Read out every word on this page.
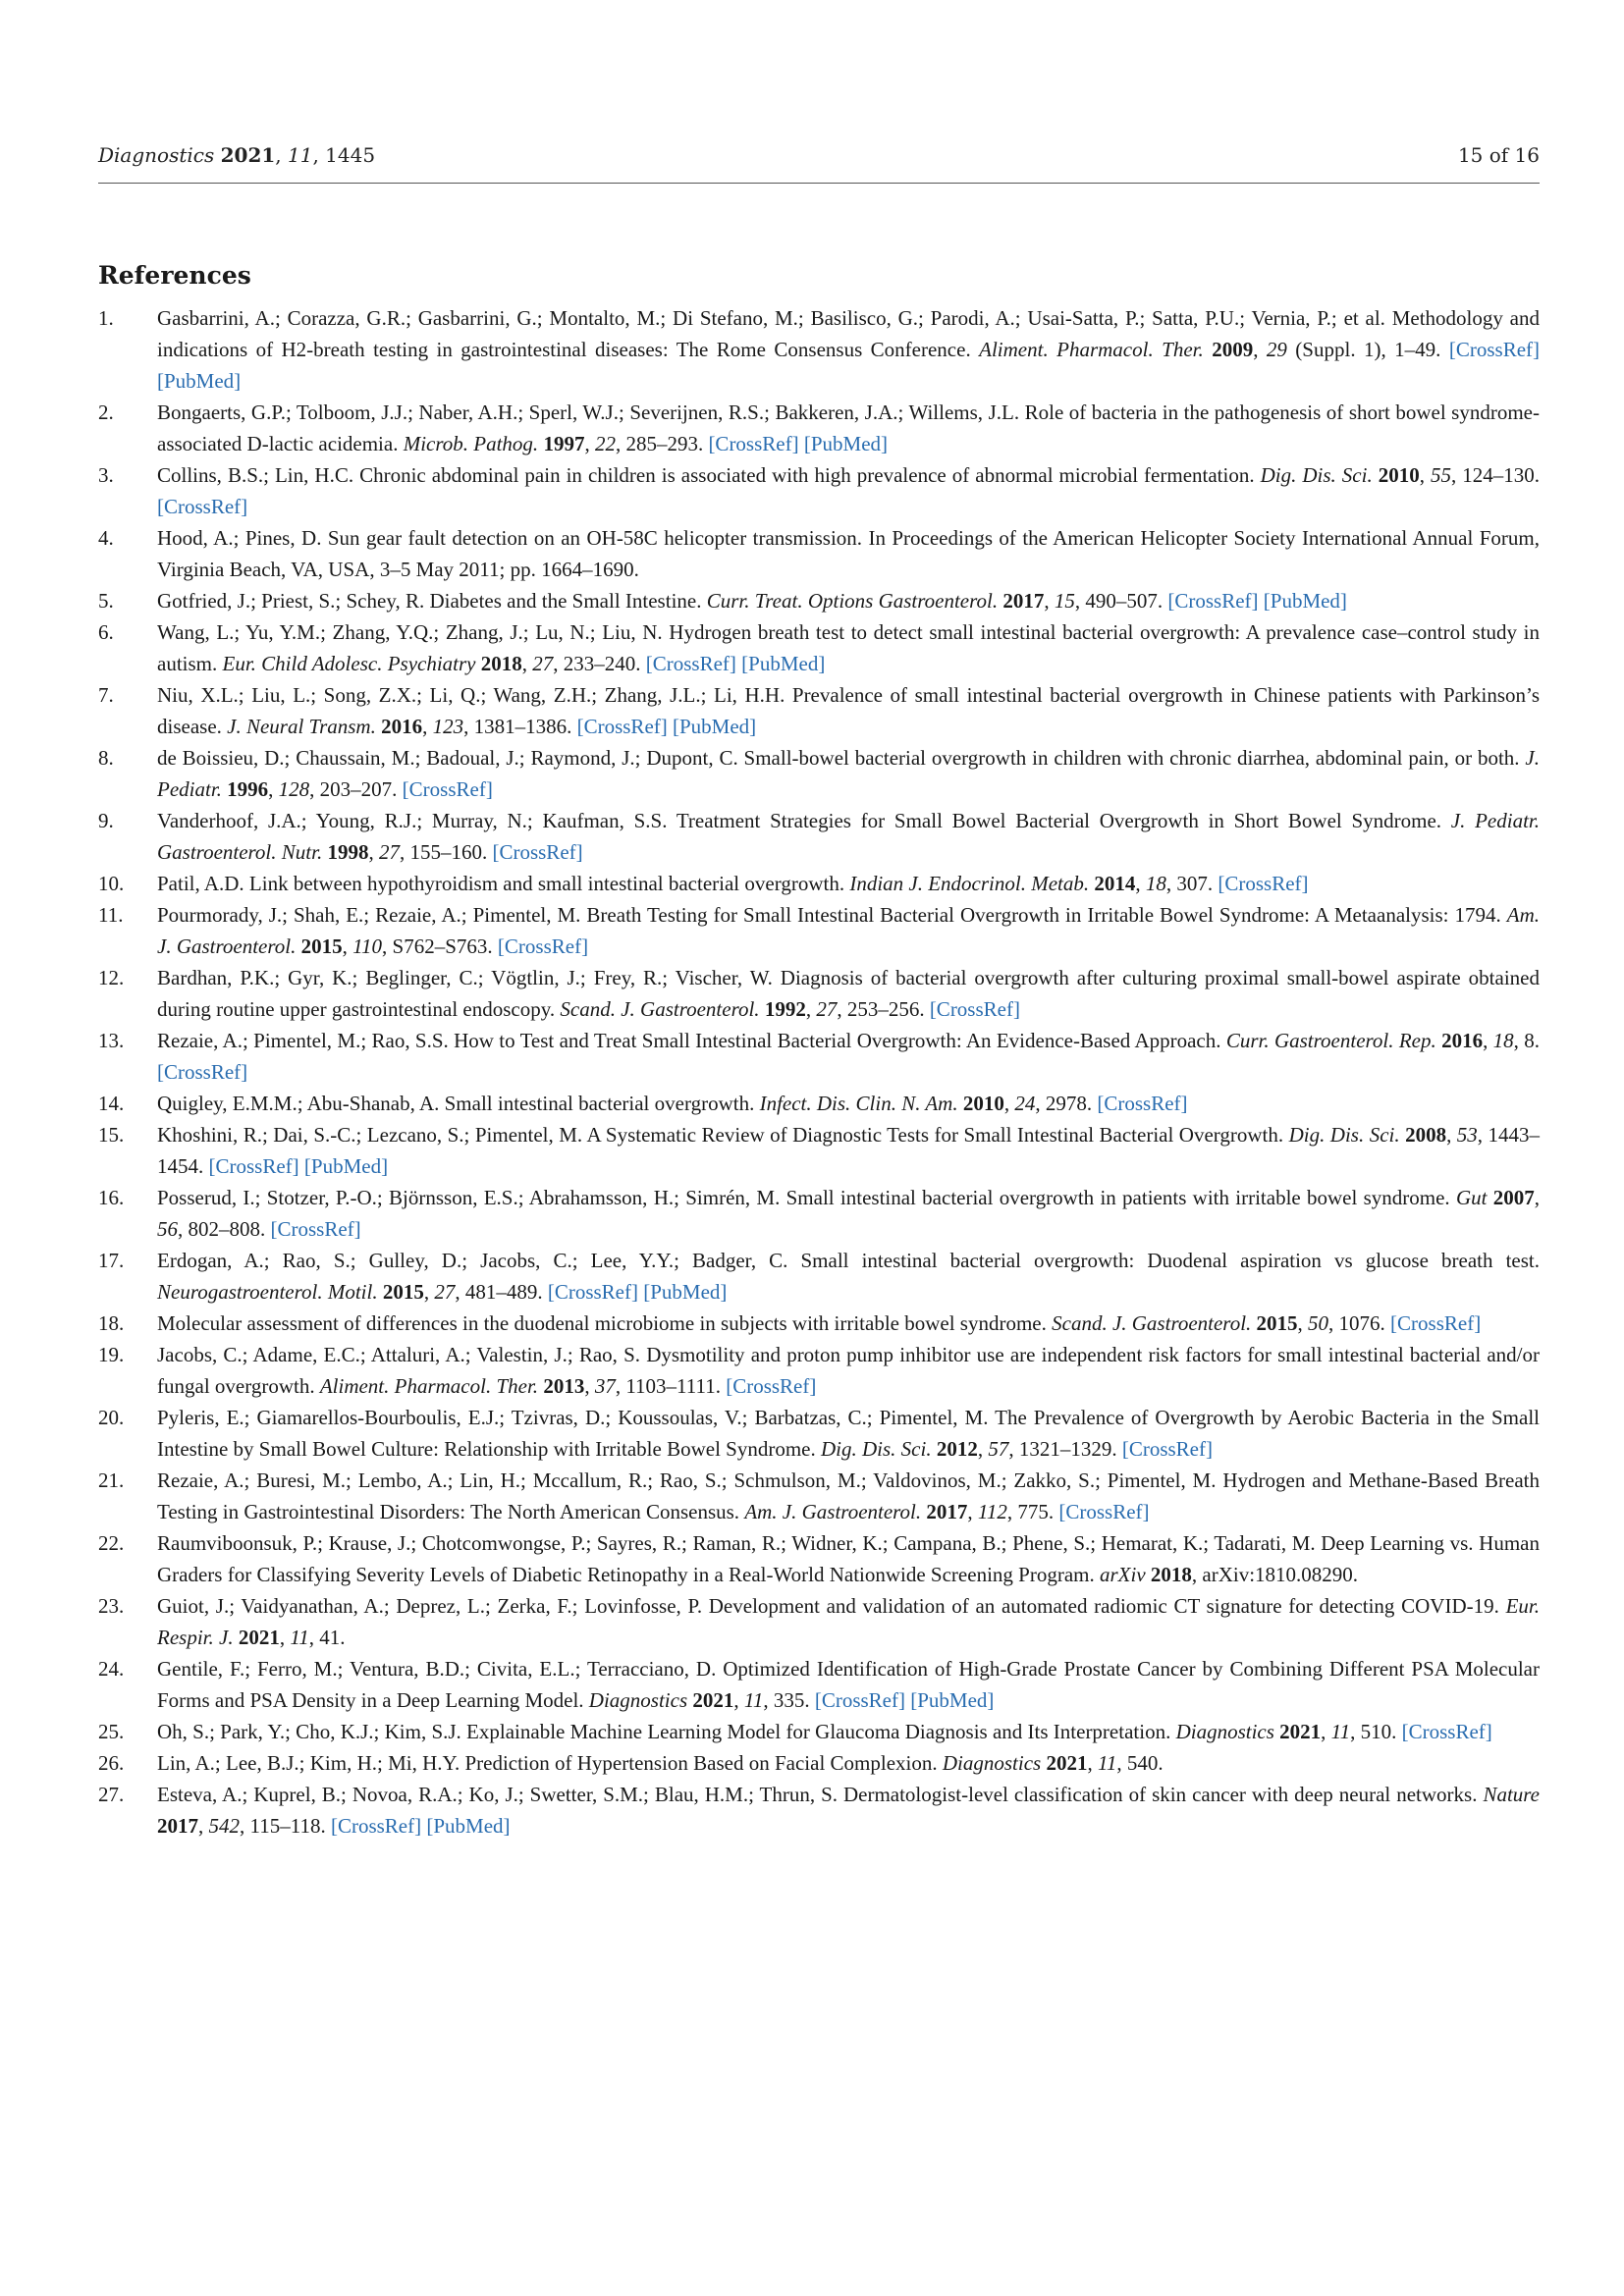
Diagnostics 2021, 11, 1445	15 of 16
References
1. Gasbarrini, A.; Corazza, G.R.; Gasbarrini, G.; Montalto, M.; Di Stefano, M.; Basilisco, G.; Parodi, A.; Usai-Satta, P.; Satta, P.U.; Vernia, P.; et al. Methodology and indications of H2-breath testing in gastrointestinal diseases: The Rome Consensus Conference. Aliment. Pharmacol. Ther. 2009, 29 (Suppl. 1), 1–49. [CrossRef] [PubMed]
2. Bongaerts, G.P.; Tolboom, J.J.; Naber, A.H.; Sperl, W.J.; Severijnen, R.S.; Bakkeren, J.A.; Willems, J.L. Role of bacteria in the pathogenesis of short bowel syndrome-associated D-lactic acidemia. Microb. Pathog. 1997, 22, 285–293. [CrossRef] [PubMed]
3. Collins, B.S.; Lin, H.C. Chronic abdominal pain in children is associated with high prevalence of abnormal microbial fermentation. Dig. Dis. Sci. 2010, 55, 124–130. [CrossRef]
4. Hood, A.; Pines, D. Sun gear fault detection on an OH-58C helicopter transmission. In Proceedings of the American Helicopter Society International Annual Forum, Virginia Beach, VA, USA, 3–5 May 2011; pp. 1664–1690.
5. Gotfried, J.; Priest, S.; Schey, R. Diabetes and the Small Intestine. Curr. Treat. Options Gastroenterol. 2017, 15, 490–507. [CrossRef] [PubMed]
6. Wang, L.; Yu, Y.M.; Zhang, Y.Q.; Zhang, J.; Lu, N.; Liu, N. Hydrogen breath test to detect small intestinal bacterial overgrowth: A prevalence case–control study in autism. Eur. Child Adolesc. Psychiatry 2018, 27, 233–240. [CrossRef] [PubMed]
7. Niu, X.L.; Liu, L.; Song, Z.X.; Li, Q.; Wang, Z.H.; Zhang, J.L.; Li, H.H. Prevalence of small intestinal bacterial overgrowth in Chinese patients with Parkinson’s disease. J. Neural Transm. 2016, 123, 1381–1386. [CrossRef] [PubMed]
8. de Boissieu, D.; Chaussain, M.; Badoual, J.; Raymond, J.; Dupont, C. Small-bowel bacterial overgrowth in children with chronic diarrhea, abdominal pain, or both. J. Pediatr. 1996, 128, 203–207. [CrossRef]
9. Vanderhoof, J.A.; Young, R.J.; Murray, N.; Kaufman, S.S. Treatment Strategies for Small Bowel Bacterial Overgrowth in Short Bowel Syndrome. J. Pediatr. Gastroenterol. Nutr. 1998, 27, 155–160. [CrossRef]
10. Patil, A.D. Link between hypothyroidism and small intestinal bacterial overgrowth. Indian J. Endocrinol. Metab. 2014, 18, 307. [CrossRef]
11. Pourmorady, J.; Shah, E.; Rezaie, A.; Pimentel, M. Breath Testing for Small Intestinal Bacterial Overgrowth in Irritable Bowel Syndrome: A Metaanalysis: 1794. Am. J. Gastroenterol. 2015, 110, S762–S763. [CrossRef]
12. Bardhan, P.K.; Gyr, K.; Beglinger, C.; Vögtlin, J.; Frey, R.; Vischer, W. Diagnosis of bacterial overgrowth after culturing proximal small-bowel aspirate obtained during routine upper gastrointestinal endoscopy. Scand. J. Gastroenterol. 1992, 27, 253–256. [CrossRef]
13. Rezaie, A.; Pimentel, M.; Rao, S.S. How to Test and Treat Small Intestinal Bacterial Overgrowth: An Evidence-Based Approach. Curr. Gastroenterol. Rep. 2016, 18, 8. [CrossRef]
14. Quigley, E.M.M.; Abu-Shanab, A. Small intestinal bacterial overgrowth. Infect. Dis. Clin. N. Am. 2010, 24, 2978. [CrossRef]
15. Khoshini, R.; Dai, S.-C.; Lezcano, S.; Pimentel, M. A Systematic Review of Diagnostic Tests for Small Intestinal Bacterial Overgrowth. Dig. Dis. Sci. 2008, 53, 1443–1454. [CrossRef] [PubMed]
16. Posserud, I.; Stotzer, P.-O.; Björnsson, E.S.; Abrahamsson, H.; Simrén, M. Small intestinal bacterial overgrowth in patients with irritable bowel syndrome. Gut 2007, 56, 802–808. [CrossRef]
17. Erdogan, A.; Rao, S.; Gulley, D.; Jacobs, C.; Lee, Y.Y.; Badger, C. Small intestinal bacterial overgrowth: Duodenal aspiration vs glucose breath test. Neurogastroenterol. Motil. 2015, 27, 481–489. [CrossRef] [PubMed]
18. Molecular assessment of differences in the duodenal microbiome in subjects with irritable bowel syndrome. Scand. J. Gastroenterol. 2015, 50, 1076. [CrossRef]
19. Jacobs, C.; Adame, E.C.; Attaluri, A.; Valestin, J.; Rao, S. Dysmotility and proton pump inhibitor use are independent risk factors for small intestinal bacterial and/or fungal overgrowth. Aliment. Pharmacol. Ther. 2013, 37, 1103–1111. [CrossRef]
20. Pyleris, E.; Giamarellos-Bourboulis, E.J.; Tzivras, D.; Koussoulas, V.; Barbatzas, C.; Pimentel, M. The Prevalence of Overgrowth by Aerobic Bacteria in the Small Intestine by Small Bowel Culture: Relationship with Irritable Bowel Syndrome. Dig. Dis. Sci. 2012, 57, 1321–1329. [CrossRef]
21. Rezaie, A.; Buresi, M.; Lembo, A.; Lin, H.; Mccallum, R.; Rao, S.; Schmulson, M.; Valdovinos, M.; Zakko, S.; Pimentel, M. Hydrogen and Methane-Based Breath Testing in Gastrointestinal Disorders: The North American Consensus. Am. J. Gastroenterol. 2017, 112, 775. [CrossRef]
22. Raumviboonsuk, P.; Krause, J.; Chotcomwongse, P.; Sayres, R.; Raman, R.; Widner, K.; Campana, B.; Phene, S.; Hemarat, K.; Tadarati, M. Deep Learning vs. Human Graders for Classifying Severity Levels of Diabetic Retinopathy in a Real-World Nationwide Screening Program. arXiv 2018, arXiv:1810.08290.
23. Guiot, J.; Vaidyanathan, A.; Deprez, L.; Zerka, F.; Lovinfosse, P. Development and validation of an automated radiomic CT signature for detecting COVID-19. Eur. Respir. J. 2021, 11, 41.
24. Gentile, F.; Ferro, M.; Ventura, B.D.; Civita, E.L.; Terracciano, D. Optimized Identification of High-Grade Prostate Cancer by Combining Different PSA Molecular Forms and PSA Density in a Deep Learning Model. Diagnostics 2021, 11, 335. [CrossRef] [PubMed]
25. Oh, S.; Park, Y.; Cho, K.J.; Kim, S.J. Explainable Machine Learning Model for Glaucoma Diagnosis and Its Interpretation. Diagnostics 2021, 11, 510. [CrossRef]
26. Lin, A.; Lee, B.J.; Kim, H.; Mi, H.Y. Prediction of Hypertension Based on Facial Complexion. Diagnostics 2021, 11, 540.
27. Esteva, A.; Kuprel, B.; Novoa, R.A.; Ko, J.; Swetter, S.M.; Blau, H.M.; Thrun, S. Dermatologist-level classification of skin cancer with deep neural networks. Nature 2017, 542, 115–118. [CrossRef] [PubMed]
